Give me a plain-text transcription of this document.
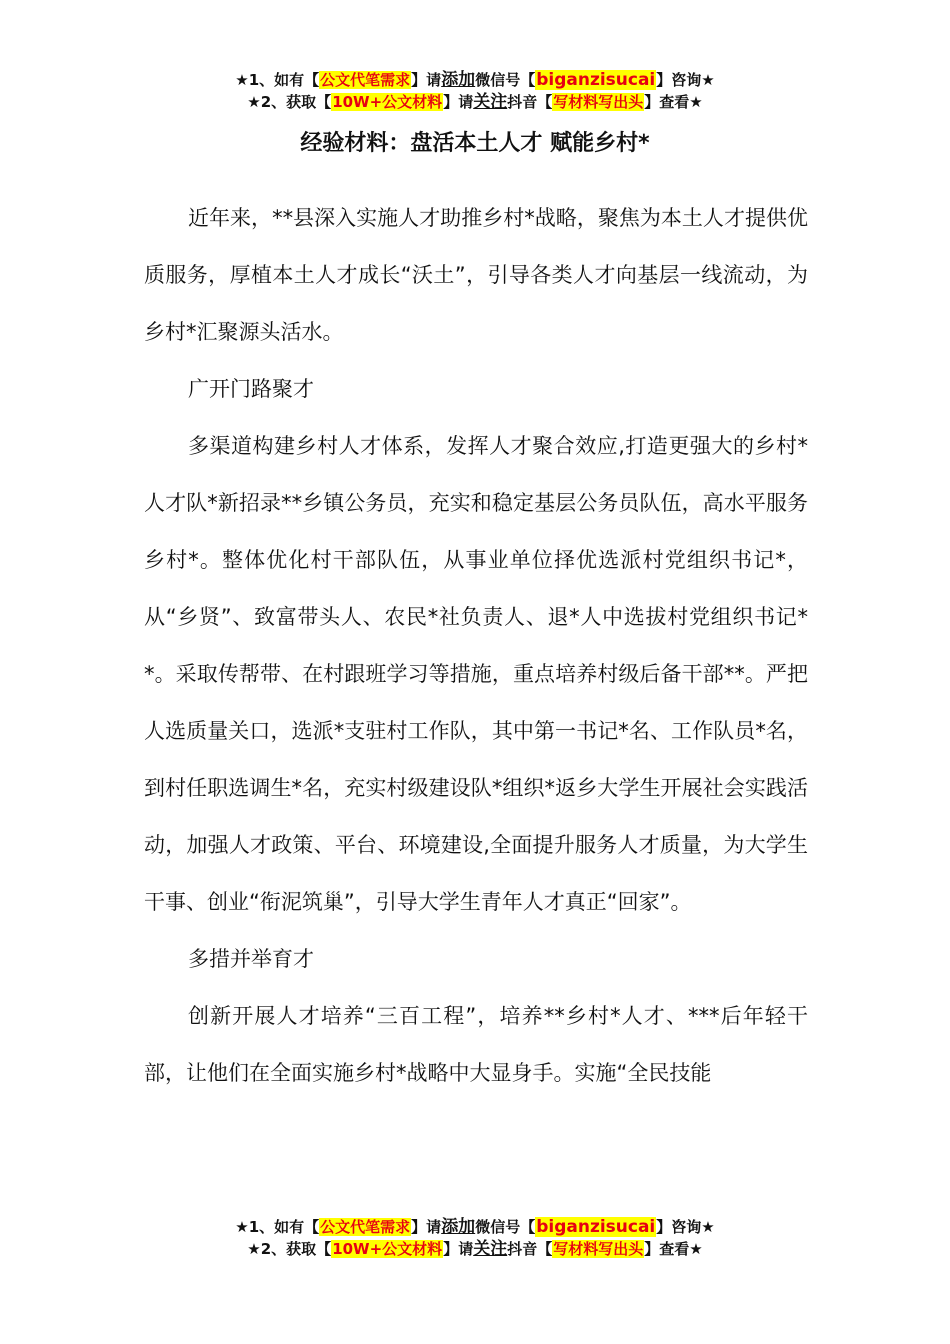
★1、如有【公文代笔需求】请添加微信号【biganzisucai】咨询★
★2、获取【10W+公文材料】请关注抖音【写材料写出头】查看★
经验材料：盘活本土人才 赋能乡村*

近年来，**县深入实施人才助推乡村*战略，聚焦为本土人才提供优质服务，厚植本土人才成长“沃土”，引导各类人才向基层一线流动，为乡村*汇聚源头活水。

广开门路聚才

多渠道构建乡村人才体系，发挥人才聚合效应,打造更强大的乡村*人才队*新招录**乡镇公务员，充实和稳定基层公务员队伍，高水平服务乡村*。整体优化村干部队伍，从事业单位择优选派村党组织书记*，从“乡贤”、致富带头人、农民*社负责人、退*人中选拔村党组织书记**。采取传帮带、在村跟班学习等措施，重点培养村级后备干部**。严把人选质量关口，选派*支驻村工作队，其中第一书记*名、工作队员*名，到村任职选调生*名，充实村级建设队*组织*返乡大学生开展社会实践活动，加强人才政策、平台、环境建设,全面提升服务人才质量，为大学生干事、创业“衔泥筑巢”，引导大学生青年人才真正“回家”。

多措并举育才

创新开展人才培养“三百工程”，培养**乡村*人才、***后年轻干部，让他们在全面实施乡村*战略中大显身手。实施“全民技能

★1、如有【公文代笔需求】请添加微信号【biganzisucai】咨询★
★2、获取【10W+公文材料】请关注抖音【写材料写出头】查看★
